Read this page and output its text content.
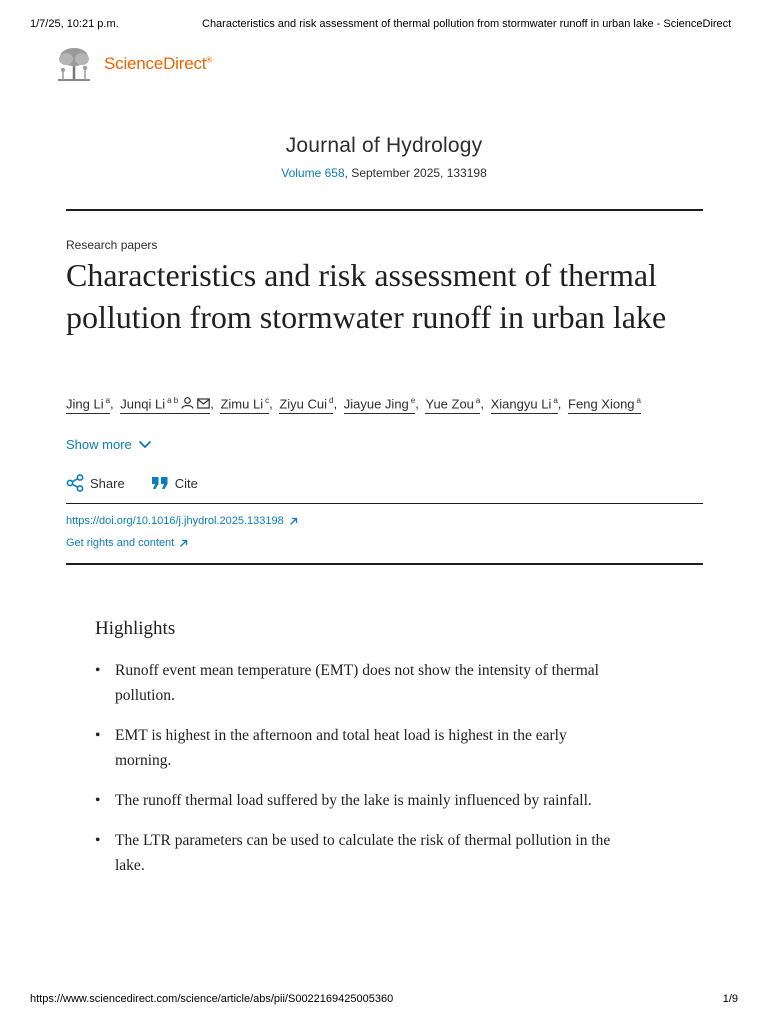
1/7/25, 10:21 p.m.	Characteristics and risk assessment of thermal pollution from stormwater runoff in urban lake - ScienceDirect
ScienceDirect®
Journal of Hydrology
Volume 658, September 2025, 133198
Research papers
Characteristics and risk assessment of thermal pollution from stormwater runoff in urban lake
Jing Li $^a$, Junqi Li $^{a b}$ , Zimu Li $^c$, Ziyu Cui $^d$, Jiayue Jing $^e$, Yue Zou $^a$, Xiangyu Li $^a$, Feng Xiong $^a$
Show more
Share	Cite
https://doi.org/10.1016/j.jhydrol.2025.133198
Get rights and content
Highlights
• Runoff event mean temperature (EMT) does not show the intensity of thermal pollution.
• EMT is highest in the afternoon and total heat load is highest in the early morning.
• The runoff thermal load suffered by the lake is mainly influenced by rainfall.
• The LTR parameters can be used to calculate the risk of thermal pollution in the lake.
https://www.sciencedirect.com/science/article/abs/pii/S0022169425005360	1/9
